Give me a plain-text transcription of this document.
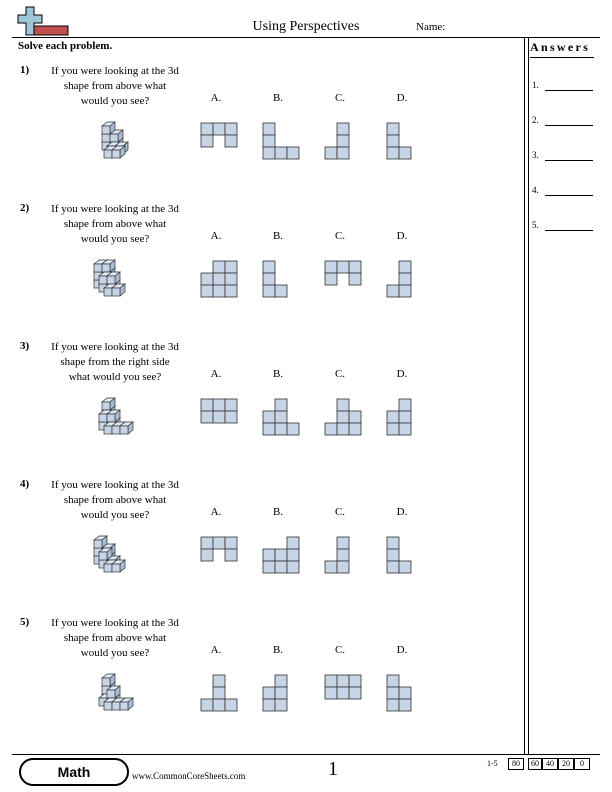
Using Perspectives	Name:
Solve each problem.	Answers
1.
2.
3.
4.
5.
1)	If you were looking at the 3d
shape from above what
would you see?	A.	B.	C.	D.
2)	If you were looking at the 3d
shape from above what
would you see?	A.	B.	C.	D.
3)	If you were looking at the 3d
shape from the right side
what would you see?	A.	B.	C.	D.
4)	If you were looking at the 3d
shape from above what
would you see?	A.	B.	C.	D.
5)	If you were looking at the 3d
shape from above what
would you see?	A.	B.	C.	D.
Math	www.CommonCoreSheets.com	1	1-5	80	60 40	20	0
